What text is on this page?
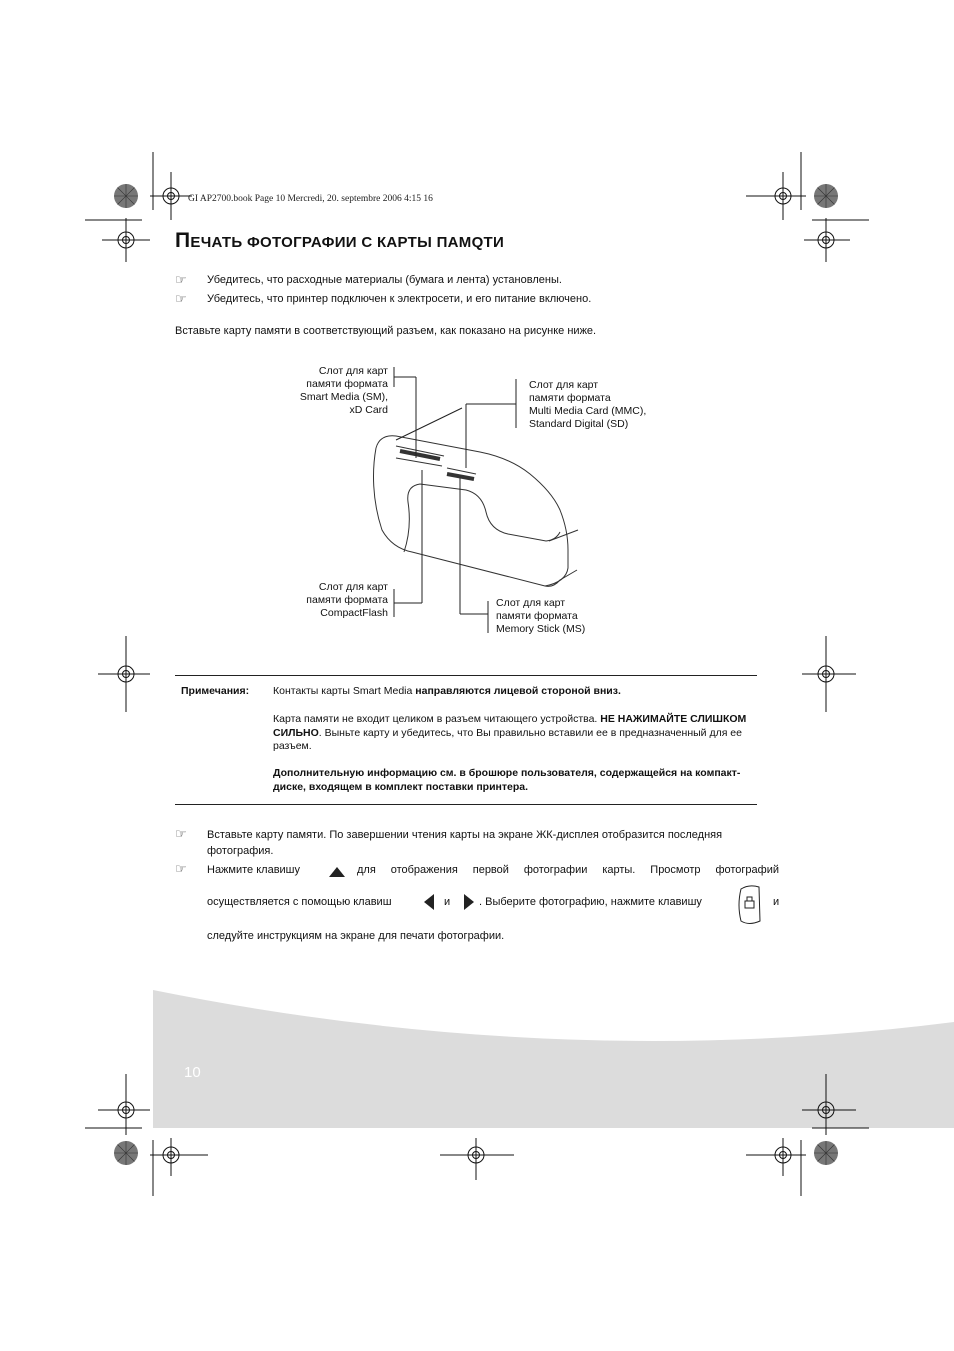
GI AP2700.book Page 10 Mercredi, 20. septembre 2006 4:15 16
ПЕЧАТЬ ФОТОГРАФИИ С КАРТЫ ПАМQТИ
☞ Убедитесь, что расходные материалы (бумага и лента) установлены.
☞ Убедитесь, что принтер подключен к электросети, и его питание включено.
Вставьте карту памяти в соответствующий разъем, как показано на рисунке ниже.
Слот для карт
памяти формата
Smart Media (SM),
xD Card
Слот для карт
памяти формата
Multi Media Card (MMC),
Standard Digital (SD)
Слот для карт
памяти формата
CompactFlash
Слот для карт
памяти формата
Memory Stick (MS)
Примечания: Контакты карты Smart Media направляются лицевой стороной вниз.
Карта памяти не входит целиком в разъем читающего устройства. НЕ НАЖИМАЙТЕ СЛИШКОМ СИЛЬНО. Выньте карту и убедитесь, что Вы правильно вставили ее в предназначенный для ее разъем.
Дополнительную информацию см. в брошюре пользователя, содержащейся на компакт-диске, входящем в комплект поставки принтера.
☞ Вставьте карту памяти. По завершении чтения карты на экране ЖК-дисплея отобразится последняя фотография.
☞ Нажмите клавишу	для отображения первой фотографии карты. Просмотр фотографий
осуществляется с помощью клавиш	и	. Выберите фотографию, нажмите клавишу	и
следуйте инструкциям на экране для печати фотографии.
10
